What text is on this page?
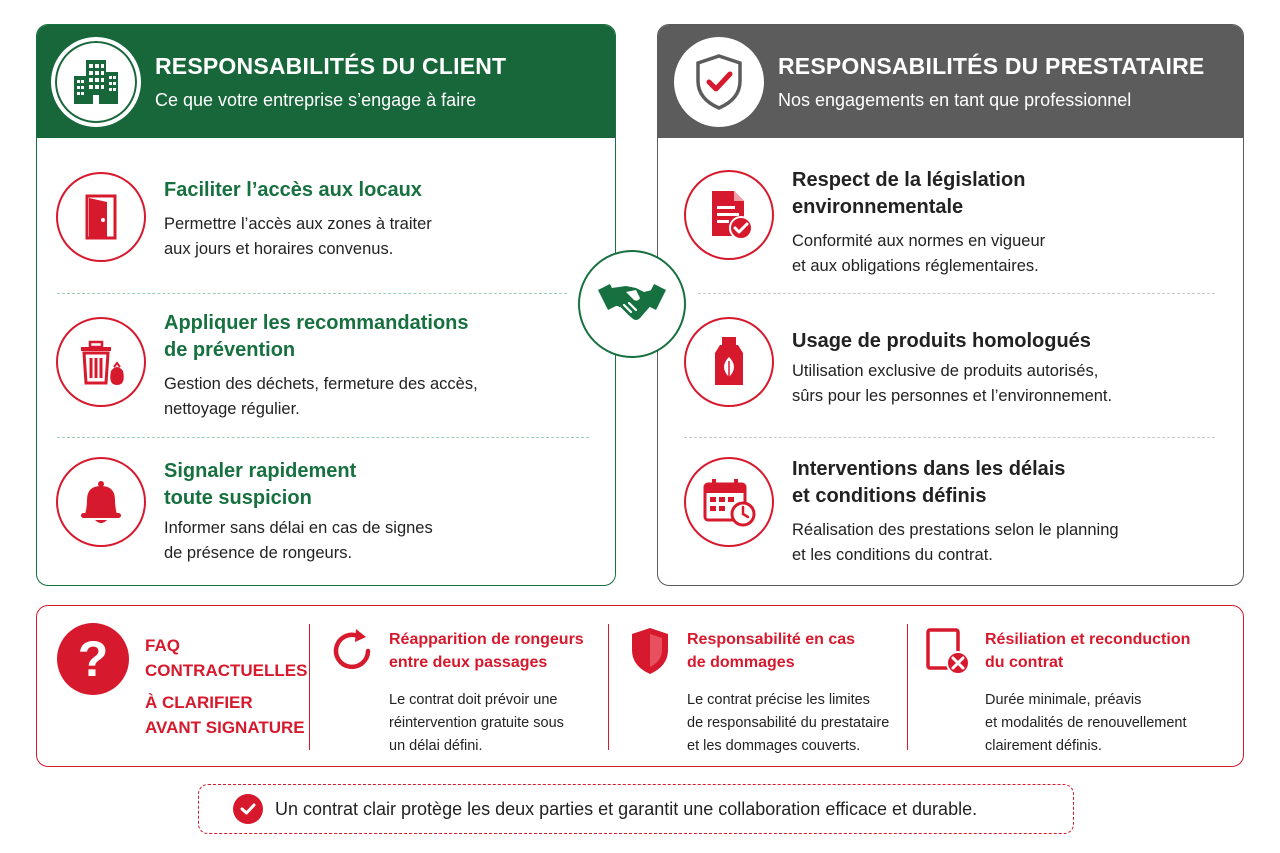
RESPONSABILITÉS DU CLIENT
Ce que votre entreprise s’engage à faire
Faciliter l’accès aux locaux
Permettre l’accès aux zones à traiter
aux jours et horaires convenus.
Appliquer les recommandations
de prévention
Gestion des déchets, fermeture des accès,
nettoyage régulier.
Signaler rapidement
toute suspicion
Informer sans délai en cas de signes
de présence de rongeurs.
RESPONSABILITÉS DU PRESTATAIRE
Nos engagements en tant que professionnel
Respect de la législation
environnementale
Conformité aux normes en vigueur
et aux obligations réglementaires.
Usage de produits homologués
Utilisation exclusive de produits autorisés,
sûrs pour les personnes et l’environnement.
Interventions dans les délais
et conditions définis
Réalisation des prestations selon le planning
et les conditions du contrat.
?	FAQ
CONTRACTUELLES
À CLARIFIER
AVANT SIGNATURE
Réapparition de rongeurs
entre deux passages
Le contrat doit prévoir une
réintervention gratuite sous
un délai défini.
Responsabilité en cas
de dommages
Le contrat précise les limites
de responsabilité du prestataire
et les dommages couverts.
Résiliation et reconduction
du contrat
Durée minimale, préavis
et modalités de renouvellement
clairement définis.
Un contrat clair protège les deux parties et garantit une collaboration efficace et durable.
